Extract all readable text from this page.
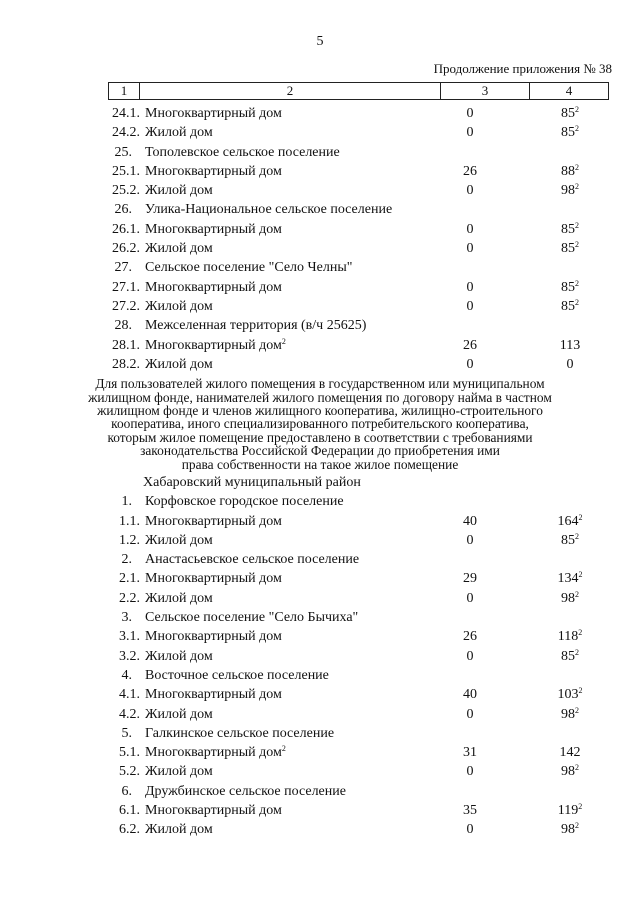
5
Продолжение приложения № 38
1	2	3	4
24.1. Многоквартирный дом	0	$85^2$
24.2. Жилой дом	0	$85^2$
25. Тополевское сельское поселение
25.1. Многоквартирный дом	26	$88^2$
25.2. Жилой дом	0	$98^2$
26. Улика-Национальное сельское поселение
26.1. Многоквартирный дом	0	$85^2$
26.2. Жилой дом	0	$85^2$
27. Сельское поселение "Село Челны"
27.1. Многоквартирный дом	0	$85^2$
27.2. Жилой дом	0	$85^2$
28. Межселенная территория (в/ч 25625)
28.1. Многоквартирный дом$^2$	26	113
28.2. Жилой дом	0	0
Для пользователей жилого помещения в государственном или муниципальном
жилищном фонде, нанимателей жилого помещения по договору найма в частном
жилищном фонде и членов жилищного кооператива, жилищно-строительного
кооператива, иного специализированного потребительского кооператива,
которым жилое помещение предоставлено в соответствии с требованиями
законодательства Российской Федерации до приобретения ими
права собственности на такое жилое помещение
Хабаровский муниципальный район
1. Корфовское городское поселение
1.1. Многоквартирный дом	40	$164^2$
1.2. Жилой дом	0	$85^2$
2. Анастасьевское сельское поселение
2.1. Многоквартирный дом	29	$134^2$
2.2. Жилой дом	0	$98^2$
3. Сельское поселение "Село Бычиха"
3.1. Многоквартирный дом	26	$118^2$
3.2. Жилой дом	0	$85^2$
4. Восточное сельское поселение
4.1. Многоквартирный дом	40	$103^2$
4.2. Жилой дом	0	$98^2$
5. Галкинское сельское поселение
5.1. Многоквартирный дом$^2$	31	142
5.2. Жилой дом	0	$98^2$
6. Дружбинское сельское поселение
6.1. Многоквартирный дом	35	$119^2$
6.2. Жилой дом	0	$98^2$
